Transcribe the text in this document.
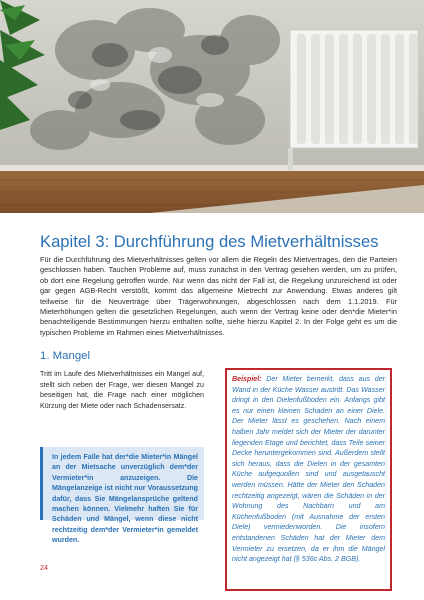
Kapitel 3: Durchführung des Mietverhältnisses
Für die Durchführung des Mietverhältnisses gelten vor allem die Regeln des Mietvertrages, den die Parteien geschlossen haben. Tauchen Probleme auf, muss zunächst in den Vertrag gesehen werden, um zu prüfen, ob dort eine Regelung getroffen wurde. Nur wenn das nicht der Fall ist, die Regelung unzureichend ist oder gar gegen AGB-Recht verstößt, kommt das allgemeine Mietrecht zur Anwendung. Etwas anderes gilt teilweise für die Neuverträge über Trägerwohnungen, abgeschlossen nach dem 1.1.2019. Für Mieterhöhungen gelten die gesetzlichen Regelungen, auch wenn der Vertrag keine oder den*die Mieter*in benachteiligende Bestimmungen hierzu enthalten sollte, siehe hierzu Kapitel 2. In der Folge geht es um die typischen Probleme im Rahmen eines Mietverhältnisses.
1. Mangel
Tritt im Laufe des Mietverhältnisses ein Mangel auf, stellt sich neben der Frage, wer diesen Mangel zu beseitigen hat, die Frage nach einer möglichen Kürzung der Miete oder nach Schadensersatz.
In jedem Falle hat der*die Mieter*in Mängel an der Mietsache unverzüglich dem*der Vermieter*in anzuzeigen. Die Mängelanzeige ist nicht nur Voraussetzung dafür, dass Sie Mängelansprüche geltend machen können. Vielmehr haften Sie für Schäden und Mängel, wenn diese nicht rechtzeitig dem*der Vermieter*in gemeldet wurden.
Beispiel: Der Mieter bemerkt, dass aus der Wand in der Küche Wasser austritt. Das Wasser dringt in den Dielenfußboden ein. Anfangs gibt es nur einen kleinen Schaden an einer Diele. Der Mieter lässt es geschehen. Nach einem halben Jahr meldet sich der Mieter der darunter liegenden Etage und berichtet, dass Teile seiner Decke heruntergekommen sind. Außerdem stellt sich heraus, dass die Dielen in der gesamten Küche aufgequollen sind und ausgetauscht werden müssen. Hätte der Mieter den Schaden rechtzeitig angezeigt, wären die Schäden in der Wohnung des Nachbarn und am Küchenfußboden (mit Ausnahme der ersten Diele) vermiedenworden. Die insofern entstandenen Schäden hat der Mieter dem Vermieter zu ersetzen, da er ihm die Mängel nicht angezeigt hat (§ 536c Abs. 2 BGB).
24
